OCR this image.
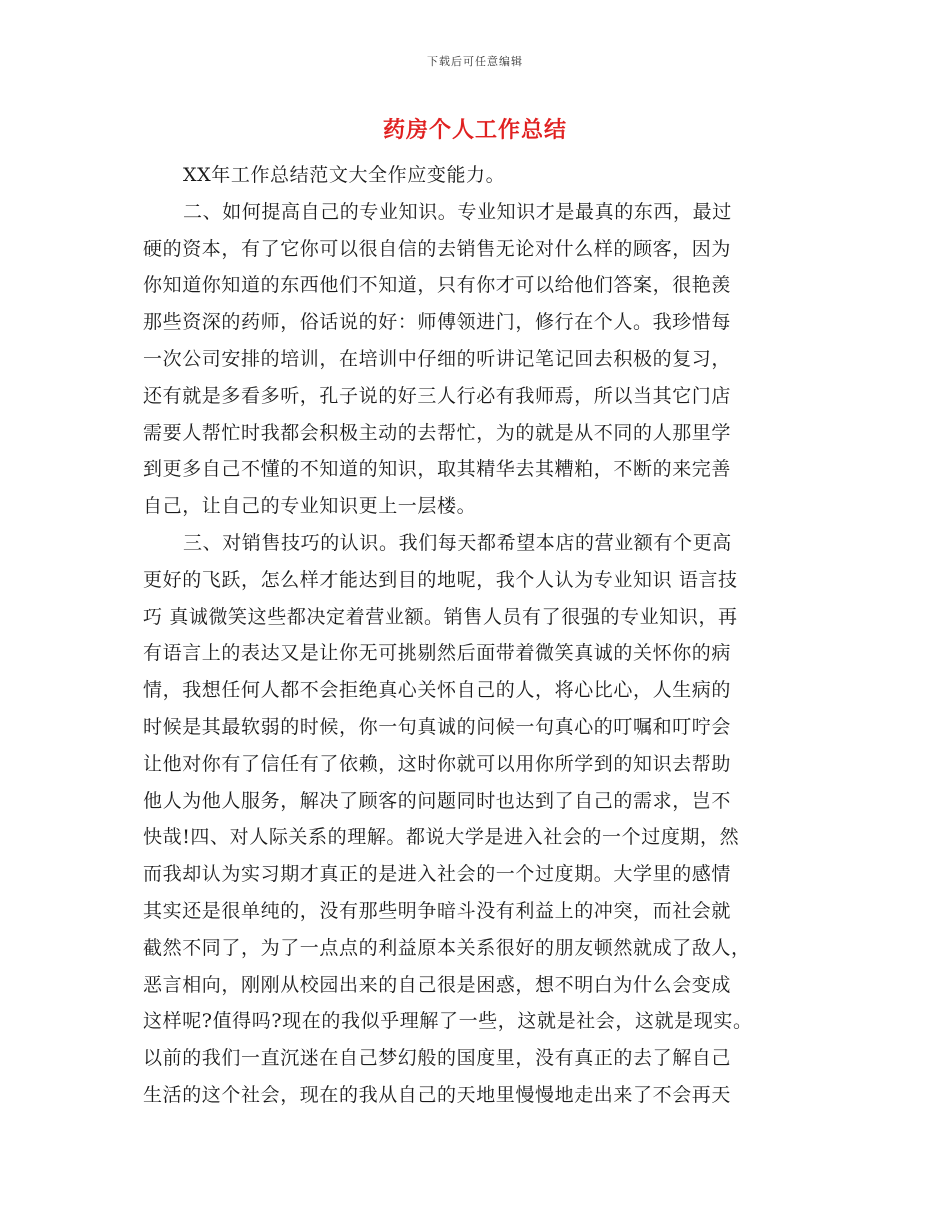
下载后可任意编辑
药房个人工作总结
XX年工作总结范文大全作应变能力。
二、如何提高自己的专业知识。专业知识才是最真的东西，最过
硬的资本，有了它你可以很自信的去销售无论对什么样的顾客，因为
你知道你知道的东西他们不知道，只有你才可以给他们答案，很艳羡
那些资深的药师，俗话说的好：师傅领进门，修行在个人。我珍惜每
一次公司安排的培训，在培训中仔细的听讲记笔记回去积极的复习，
还有就是多看多听，孔子说的好三人行必有我师焉，所以当其它门店
需要人帮忙时我都会积极主动的去帮忙，为的就是从不同的人那里学
到更多自己不懂的不知道的知识，取其精华去其糟粕，不断的来完善
自己，让自己的专业知识更上一层楼。
三、对销售技巧的认识。我们每天都希望本店的营业额有个更高
更好的飞跃，怎么样才能达到目的地呢，我个人认为专业知识 语言技
巧 真诚微笑这些都决定着营业额。销售人员有了很强的专业知识，再
有语言上的表达又是让你无可挑剔然后面带着微笑真诚的关怀你的病
情，我想任何人都不会拒绝真心关怀自己的人，将心比心，人生病的
时候是其最软弱的时候，你一句真诚的问候一句真心的叮嘱和叮咛会
让他对你有了信任有了依赖，这时你就可以用你所学到的知识去帮助
他人为他人服务，解决了顾客的问题同时也达到了自己的需求，岂不
快哉!四、对人际关系的理解。都说大学是进入社会的一个过度期，然
而我却认为实习期才真正的是进入社会的一个过度期。大学里的感情
其实还是很单纯的，没有那些明争暗斗没有利益上的冲突，而社会就
截然不同了，为了一点点的利益原本关系很好的朋友顿然就成了敌人，
恶言相向，刚刚从校园出来的自己很是困惑，想不明白为什么会变成
这样呢?值得吗?现在的我似乎理解了一些，这就是社会，这就是现实。
以前的我们一直沉迷在自己梦幻般的国度里，没有真正的去了解自己
生活的这个社会，现在的我从自己的天地里慢慢地走出来了不会再天
